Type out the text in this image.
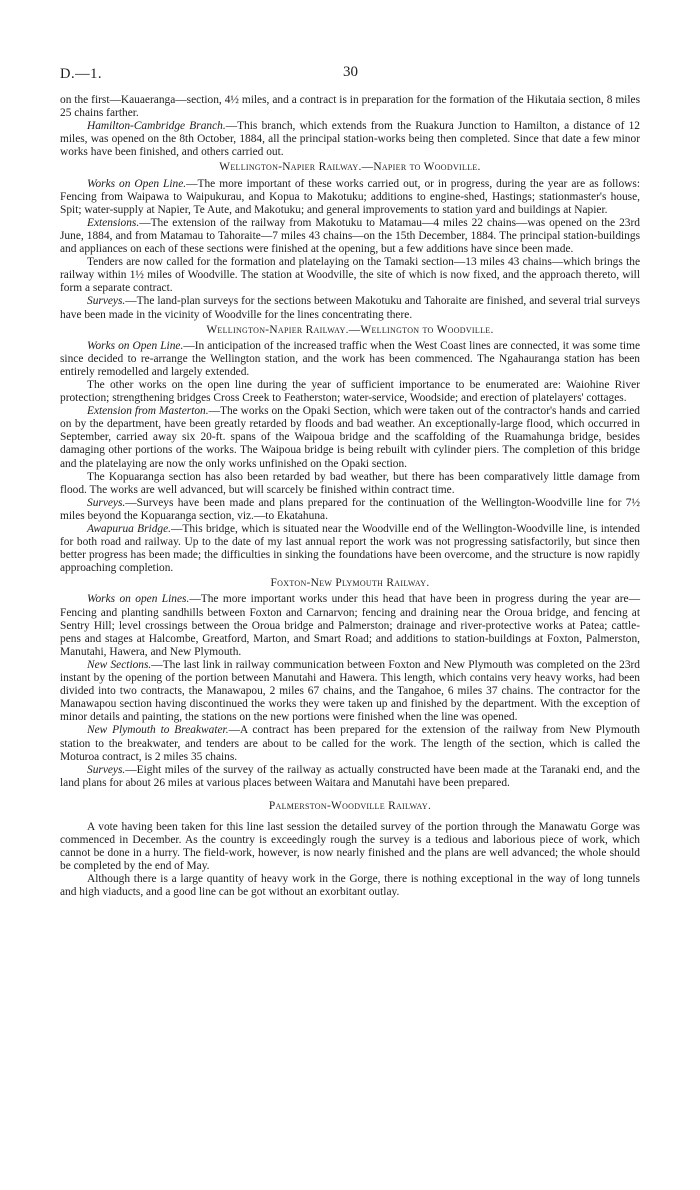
D.—1.	30

on the first—Kauaeranga—section, 4½ miles, and a contract is in preparation for the formation of the Hikutaia section, 8 miles 25 chains farther.

Hamilton-Cambridge Branch.—This branch, which extends from the Ruakura Junction to Hamilton, a distance of 12 miles, was opened on the 8th October, 1884, all the principal station-works being then completed. Since that date a few minor works have been finished, and others carried out.

Wellington-Napier Railway.—Napier to Woodville.

Works on Open Line.—The more important of these works carried out, or in progress, during the year are as follows: Fencing from Waipawa to Waipukurau, and Kopua to Makotuku; additions to engine-shed, Hastings; stationmaster's house, Spit; water-supply at Napier, Te Aute, and Makotuku; and general improvements to station yard and buildings at Napier.

Extensions.—The extension of the railway from Makotuku to Matamau—4 miles 22 chains—was opened on the 23rd June, 1884, and from Matamau to Tahoraite—7 miles 43 chains—on the 15th December, 1884. The principal station-buildings and appliances on each of these sections were finished at the opening, but a few additions have since been made.

Tenders are now called for the formation and platelaying on the Tamaki section—13 miles 43 chains—which brings the railway within 1½ miles of Woodville. The station at Woodville, the site of which is now fixed, and the approach thereto, will form a separate contract.

Surveys.—The land-plan surveys for the sections between Makotuku and Tahoraite are finished, and several trial surveys have been made in the vicinity of Woodville for the lines concentrating there.

Wellington-Napier Railway.—Wellington to Woodville.

Works on Open Line.—In anticipation of the increased traffic when the West Coast lines are connected, it was some time since decided to re-arrange the Wellington station, and the work has been commenced. The Ngahauranga station has been entirely remodelled and largely extended.

The other works on the open line during the year of sufficient importance to be enumerated are: Waiohine River protection; strengthening bridges Cross Creek to Featherston; water-service, Woodside; and erection of platelayers' cottages.

Extension from Masterton.—The works on the Opaki Section, which were taken out of the contractor's hands and carried on by the department, have been greatly retarded by floods and bad weather. An exceptionally-large flood, which occurred in September, carried away six 20-ft. spans of the Waipoua bridge and the scaffolding of the Ruamahunga bridge, besides damaging other portions of the works. The Waipoua bridge is being rebuilt with cylinder piers. The completion of this bridge and the platelaying are now the only works unfinished on the Opaki section.

The Kopuaranga section has also been retarded by bad weather, but there has been comparatively little damage from flood. The works are well advanced, but will scarcely be finished within contract time.

Surveys.—Surveys have been made and plans prepared for the continuation of the Wellington-Woodville line for 7½ miles beyond the Kopuaranga section, viz.—to Ekatahuna.

Awapurua Bridge.—This bridge, which is situated near the Woodville end of the Wellington-Woodville line, is intended for both road and railway. Up to the date of my last annual report the work was not progressing satisfactorily, but since then better progress has been made; the difficulties in sinking the foundations have been overcome, and the structure is now rapidly approaching completion.

Foxton-New Plymouth Railway.

Works on open Lines.—The more important works under this head that have been in progress during the year are—Fencing and planting sandhills between Foxton and Carnarvon; fencing and draining near the Oroua bridge, and fencing at Sentry Hill; level crossings between the Oroua bridge and Palmerston; drainage and river-protective works at Patea; cattle-pens and stages at Halcombe, Greatford, Marton, and Smart Road; and additions to station-buildings at Foxton, Palmerston, Manutahi, Hawera, and New Plymouth.

New Sections.—The last link in railway communication between Foxton and New Plymouth was completed on the 23rd instant by the opening of the portion between Manutahi and Hawera. This length, which contains very heavy works, had been divided into two contracts, the Manawapou, 2 miles 67 chains, and the Tangahoe, 6 miles 37 chains. The contractor for the Manawapou section having discontinued the works they were taken up and finished by the department. With the exception of minor details and painting, the stations on the new portions were finished when the line was opened.

New Plymouth to Breakwater.—A contract has been prepared for the extension of the railway from New Plymouth station to the breakwater, and tenders are about to be called for the work. The length of the section, which is called the Moturoa contract, is 2 miles 35 chains.

Surveys.—Eight miles of the survey of the railway as actually constructed have been made at the Taranaki end, and the land plans for about 26 miles at various places between Waitara and Manutahi have been prepared.

Palmerston-Woodville Railway.

A vote having been taken for this line last session the detailed survey of the portion through the Manawatu Gorge was commenced in December. As the country is exceedingly rough the survey is a tedious and laborious piece of work, which cannot be done in a hurry. The field-work, however, is now nearly finished and the plans are well advanced; the whole should be completed by the end of May.

Although there is a large quantity of heavy work in the Gorge, there is nothing exceptional in the way of long tunnels and high viaducts, and a good line can be got without an exorbitant outlay.
